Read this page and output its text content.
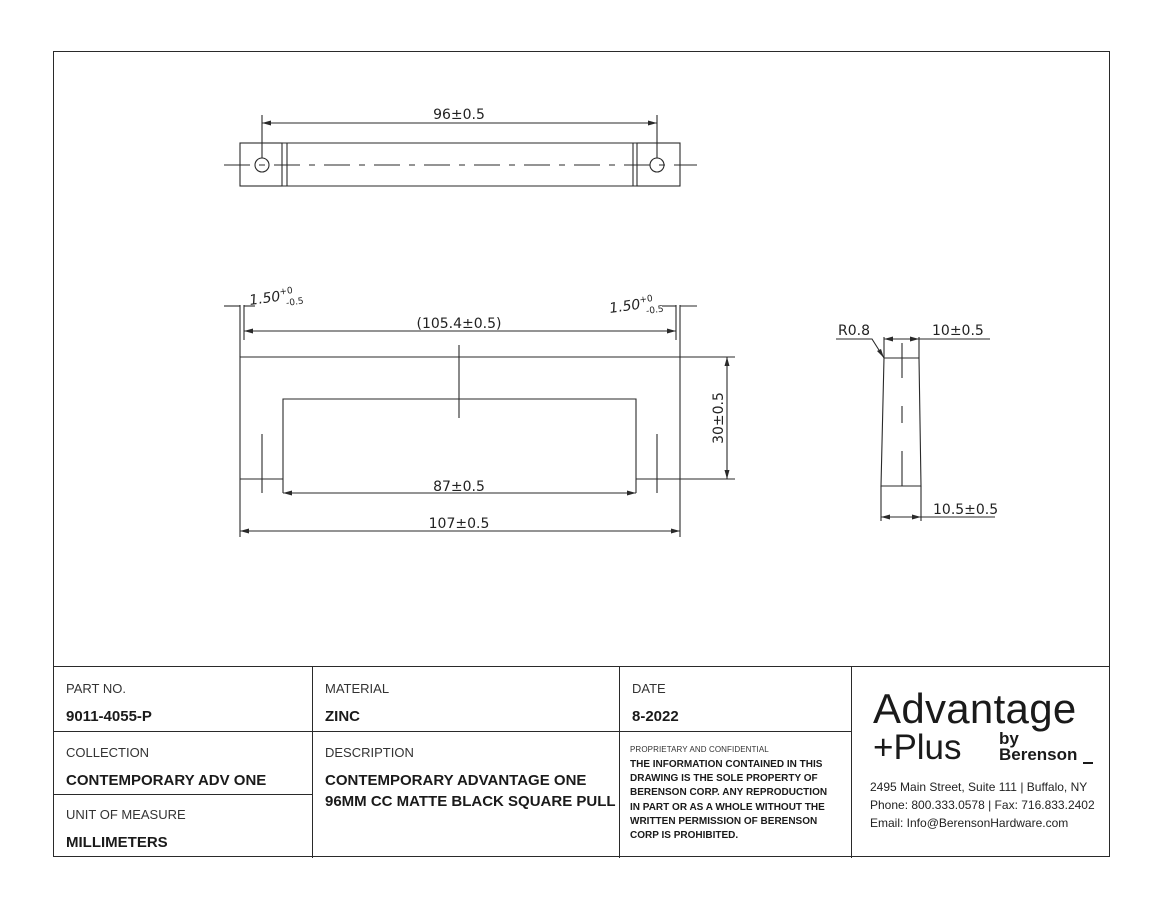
96±0.5
1.50
+0
-0.5	1.50
+0
-0.5
(105.4±0.5)
30±0.5
87±0.5
107±0.5
R0.8	10±0.5
10.5±0.5
PART NO.
9011-4055-P
COLLECTION
CONTEMPORARY ADV ONE
UNIT OF MEASURE
MILLIMETERS
MATERIAL
ZINC
DESCRIPTION
CONTEMPORARY ADVANTAGE ONE
96MM CC MATTE BLACK SQUARE PULL
DATE
8-2022
PROPRIETARY AND CONFIDENTIAL
THE INFORMATION CONTAINED IN THIS
DRAWING IS THE SOLE PROPERTY OF
BERENSON CORP. ANY REPRODUCTION
IN PART OR AS A WHOLE WITHOUT THE
WRITTEN PERMISSION OF BERENSON
CORP IS PROHIBITED.
Advantage
+Plus by
Berenson
2495 Main Street, Suite 111 | Buffalo, NY
Phone: 800.333.0578 | Fax: 716.833.2402
Email: Info@BerensonHardware.com
